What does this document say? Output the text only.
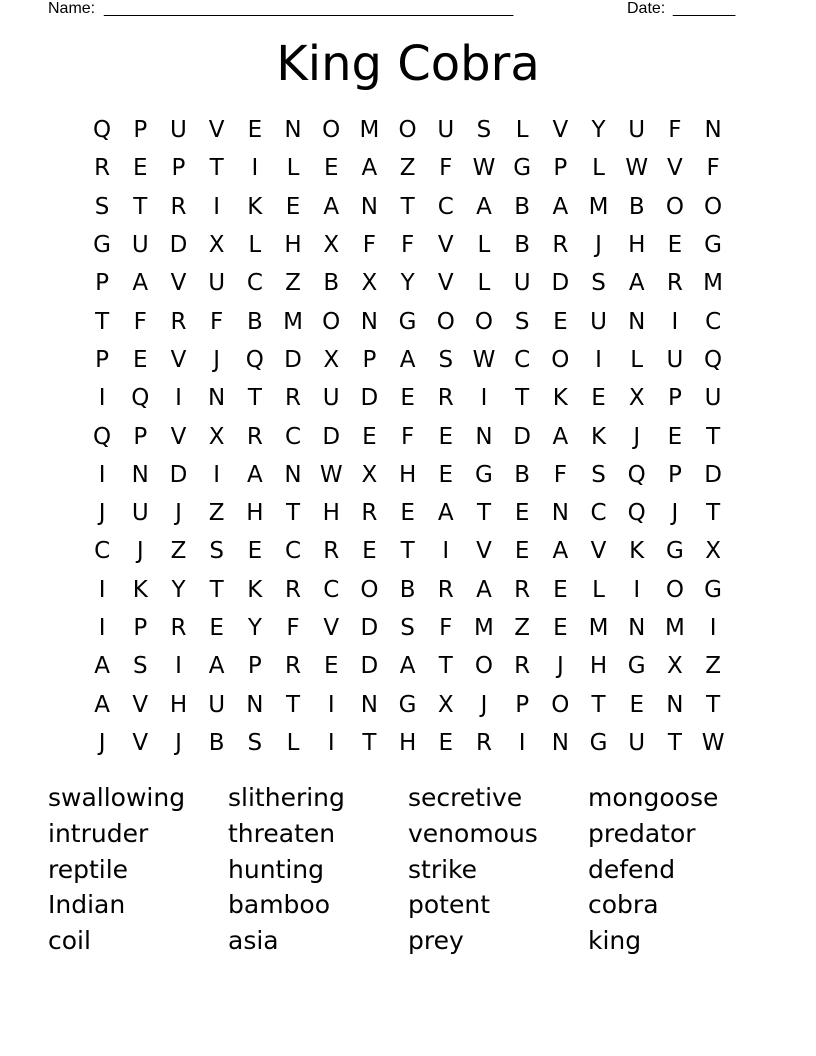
Name:

______________________________________________

	Date:

_______

King Cobra
Q P U V	E N O M O U S	L	V	Y U	F N
R E	P	T	I	L	E	A Z	F W G P	L W V	F
S	T	R	I	K	E	A N T	C A B A M B O O
G U D X	L	H X	F	F	V	L	B R	J	H E G
P	A V U C Z B X	Y	V	L	U D S	A R M
T	F	R	F	B M O N G O O S	E U N	I	C
P	E	V	J	Q D X	P	A	S W C O	I	L	U Q
I	Q	I	N T	R U D E R	I	T	K	E	X	P U
Q P	V X R C D E	F	E N D A K	J	E	T
I	N D	I	A N W X H E G B	F	S Q P D
J	U	J	Z H T H R E	A	T	E N C Q	J	T
C	J	Z	S	E C R E	T	I	V	E	A V K G X
I	K	Y	T	K R C O B R A R E	L	I	O G
I	P	R E	Y	F	V D S	F M Z	E M N M	I
A	S	I	A	P	R E D A	T O R	J	H G X Z
A V H U N T	I	N G X	J	P O T	E N T
J	V	J	B S	L	I	T H E R	I	N G U T W
swallowing	slithering	secretive	mongoose
intruder	threaten	venomous	predator
reptile	hunting	strike	defend
Indian	bamboo	potent	cobra
coil	asia	prey	king
